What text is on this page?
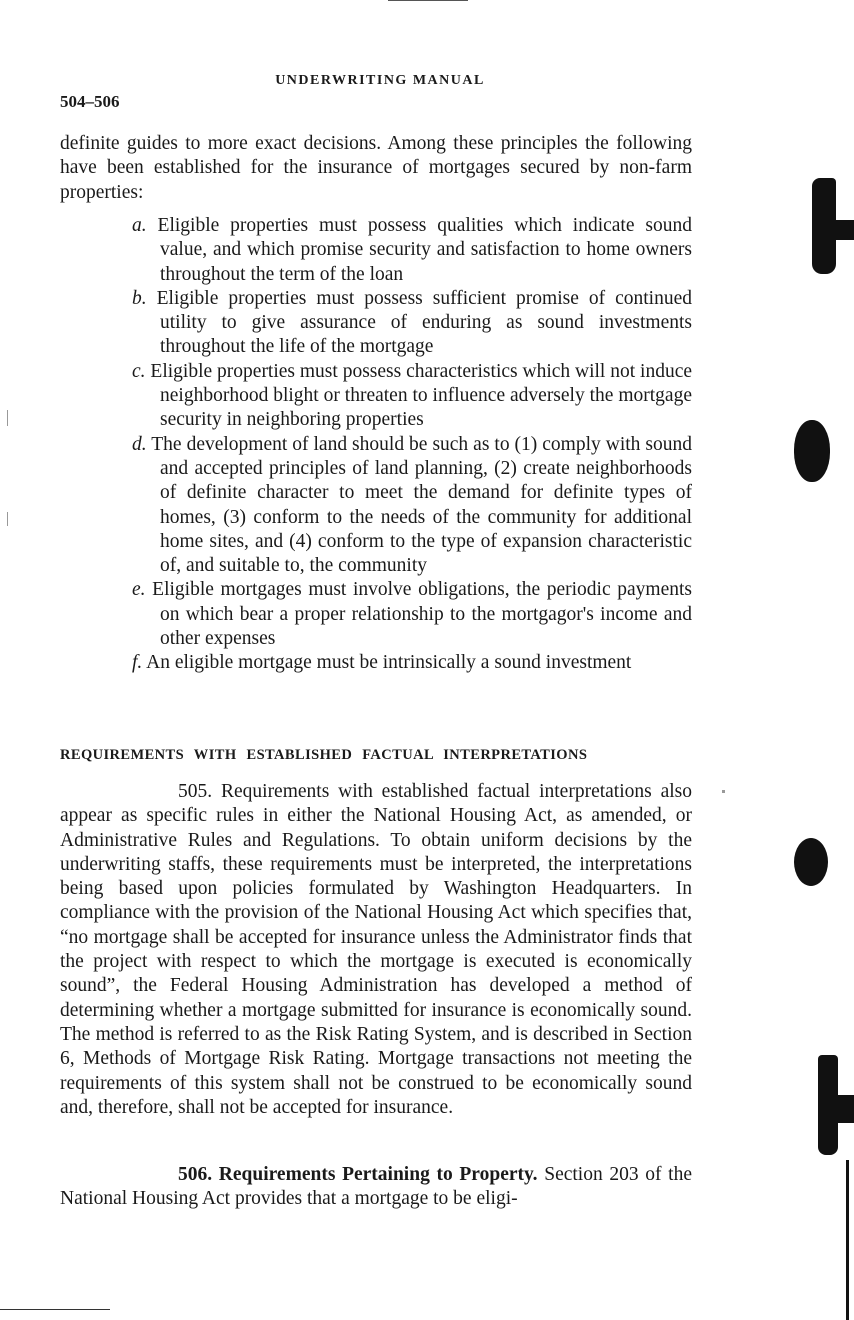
UNDERWRITING MANUAL
504–506
definite guides to more exact decisions. Among these principles the following have been established for the insurance of mortgages secured by non-farm properties:
a. Eligible properties must possess qualities which indicate sound value, and which promise security and satisfaction to home owners throughout the term of the loan
b. Eligible properties must possess sufficient promise of continued utility to give assurance of enduring as sound investments throughout the life of the mortgage
c. Eligible properties must possess characteristics which will not induce neighborhood blight or threaten to influence adversely the mortgage security in neighboring properties
d. The development of land should be such as to (1) comply with sound and accepted principles of land planning, (2) create neighborhoods of definite character to meet the demand for definite types of homes, (3) conform to the needs of the community for additional home sites, and (4) conform to the type of expansion characteristic of, and suitable to, the community
e. Eligible mortgages must involve obligations, the periodic payments on which bear a proper relationship to the mortgagor's income and other expenses
f. An eligible mortgage must be intrinsically a sound investment
REQUIREMENTS WITH ESTABLISHED FACTUAL INTERPRETATIONS
505. Requirements with established factual interpretations also appear as specific rules in either the National Housing Act, as amended, or Administrative Rules and Regulations. To obtain uniform decisions by the underwriting staffs, these requirements must be interpreted, the interpretations being based upon policies formulated by Washington Headquarters. In compliance with the provision of the National Housing Act which specifies that, “no mortgage shall be accepted for insurance unless the Administrator finds that the project with respect to which the mortgage is executed is economically sound”, the Federal Housing Administration has developed a method of determining whether a mortgage submitted for insurance is economically sound. The method is referred to as the Risk Rating System, and is described in Section 6, Methods of Mortgage Risk Rating. Mortgage transactions not meeting the requirements of this system shall not be construed to be economically sound and, therefore, shall not be accepted for insurance.
506. Requirements Pertaining to Property. Section 203 of the National Housing Act provides that a mortgage to be eligi-
